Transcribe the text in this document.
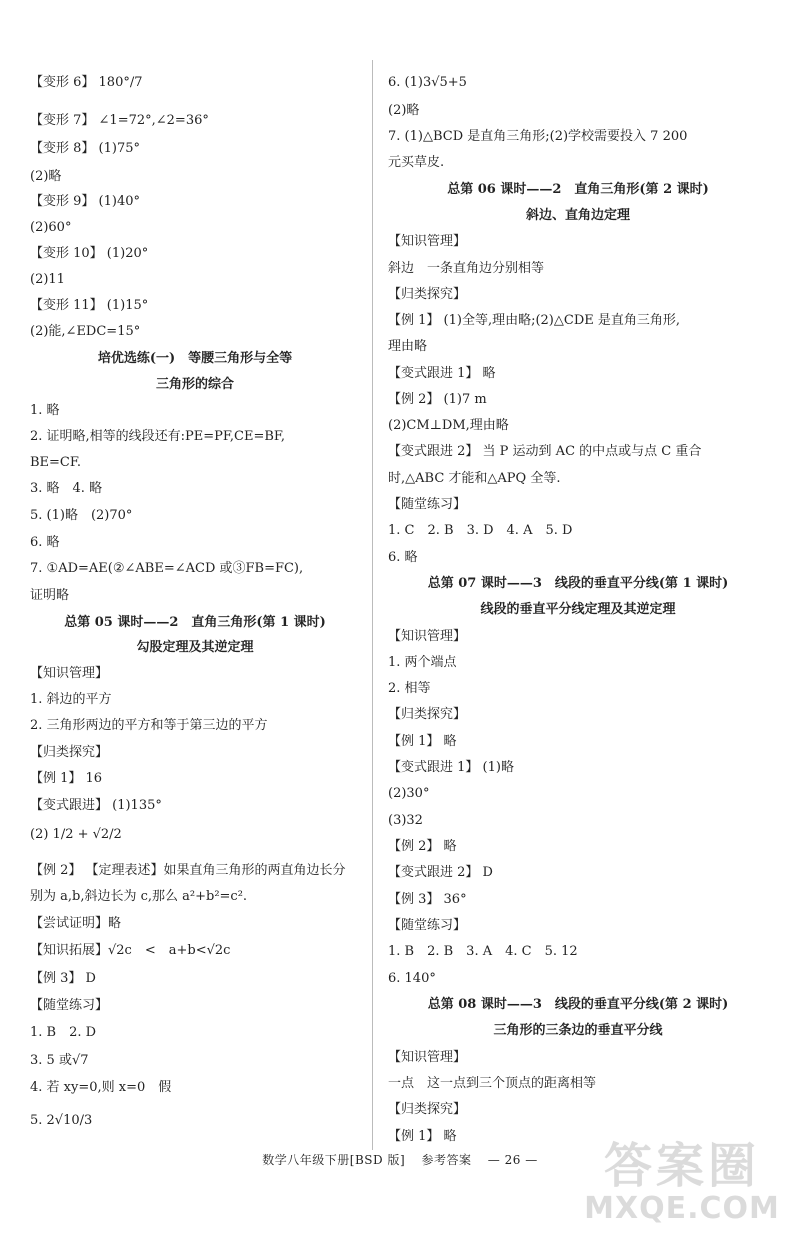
【变形 6】 180°/7
【变形 7】 ∠1=72°,∠2=36°
【变形 8】 (1)75°
(2)略
【变形 9】 (1)40°
(2)60°
【变形 10】 (1)20°
(2)11
【变形 11】 (1)15°
(2)能,∠EDC=15°
培优选练(一)　等腰三角形与全等
三角形的综合
1. 略
2. 证明略,相等的线段还有:PE=PF,CE=BF,
BE=CF.
3. 略　4. 略
5. (1)略　(2)70°
6. 略
7. ①AD=AE(②∠ABE=∠ACD 或③FB=FC),
证明略
总第 05 课时——2　直角三角形(第 1 课时)
勾股定理及其逆定理
【知识管理】
1. 斜边的平方
2. 三角形两边的平方和等于第三边的平方
【归类探究】
【例 1】 16
【变式跟进】 (1)135°
(2) 1/2 + √2/2
【例 2】 【定理表述】如果直角三角形的两直角边长分
别为 a,b,斜边长为 c,那么 a²+b²=c².
【尝试证明】略
【知识拓展】√2c　<　a+b<√2c
【例 3】 D
【随堂练习】
1. B　2. D
3. 5 或√7
4. 若 xy=0,则 x=0　假
5. 2√10/3
6. (1)3√5+5
(2)略
7. (1)△BCD 是直角三角形;(2)学校需要投入 7 200
元买草皮.
总第 06 课时——2　直角三角形(第 2 课时)
斜边、直角边定理
【知识管理】
斜边　一条直角边分别相等
【归类探究】
【例 1】 (1)全等,理由略;(2)△CDE 是直角三角形,
理由略
【变式跟进 1】 略
【例 2】 (1)7 m
(2)CM⊥DM,理由略
【变式跟进 2】 当 P 运动到 AC 的中点或与点 C 重合
时,△ABC 才能和△APQ 全等.
【随堂练习】
1. C　2. B　3. D　4. A　5. D
6. 略
总第 07 课时——3　线段的垂直平分线(第 1 课时)
线段的垂直平分线定理及其逆定理
【知识管理】
1. 两个端点
2. 相等
【归类探究】
【例 1】 略
【变式跟进 1】 (1)略
(2)30°
(3)32
【例 2】 略
【变式跟进 2】 D
【例 3】 36°
【随堂练习】
1. B　2. B　3. A　4. C　5. 12
6. 140°
总第 08 课时——3　线段的垂直平分线(第 2 课时)
三角形的三条边的垂直平分线
【知识管理】
一点　这一点到三个顶点的距离相等
【归类探究】
【例 1】 略
数学八年级下册[BSD 版] 参考答案 — 26 —	答案圈
MXQE.COM
